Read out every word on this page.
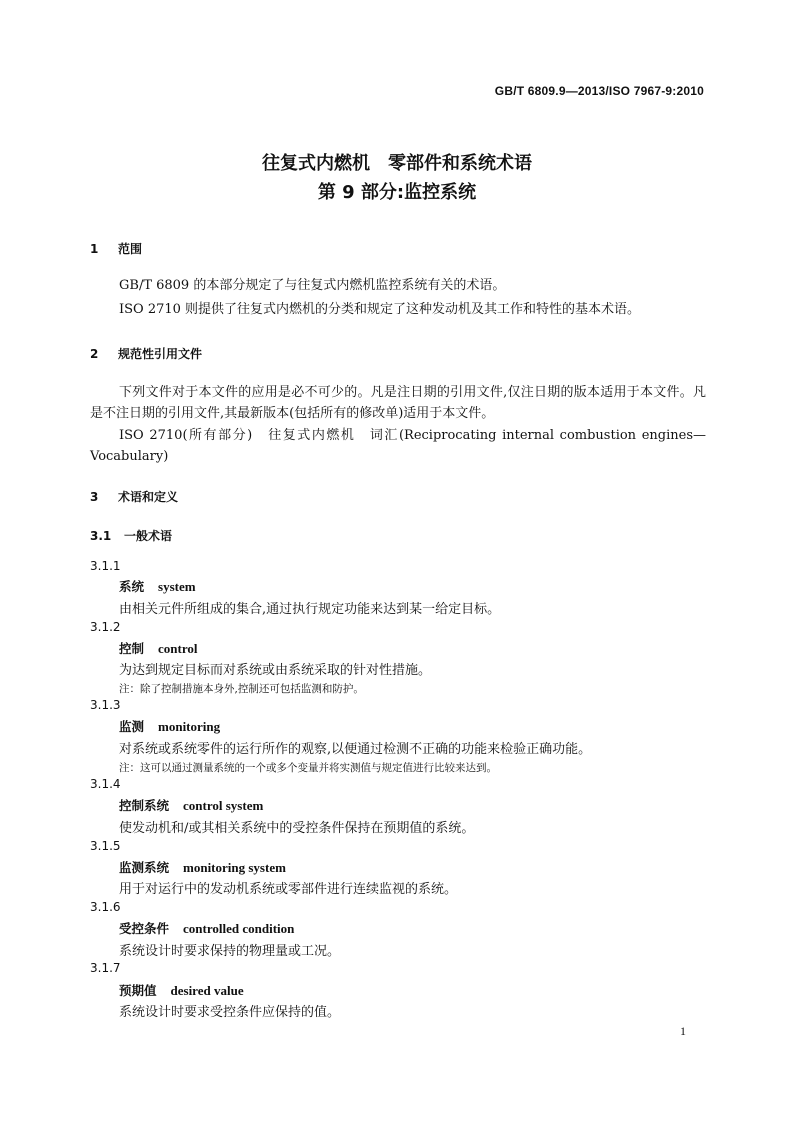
GB/T 6809.9—2013/ISO 7967-9:2010
往复式内燃机　零部件和系统术语
第 9 部分:监控系统
1 范围
GB/T 6809 的本部分规定了与往复式内燃机监控系统有关的术语。
ISO 2710 则提供了往复式内燃机的分类和规定了这种发动机及其工作和特性的基本术语。
2 规范性引用文件
下列文件对于本文件的应用是必不可少的。凡是注日期的引用文件,仅注日期的版本适用于本文件。凡是不注日期的引用文件,其最新版本(包括所有的修改单)适用于本文件。
ISO 2710(所有部分)　往复式内燃机　词汇(Reciprocating internal combustion engines—Vocabulary)
3 术语和定义
3.1 一般术语
3.1.1
系统 system
由相关元件所组成的集合,通过执行规定功能来达到某一给定目标。
3.1.2
控制 control
为达到规定目标而对系统或由系统采取的针对性措施。
注：除了控制措施本身外,控制还可包括监测和防护。
3.1.3
监测 monitoring
对系统或系统零件的运行所作的观察,以便通过检测不正确的功能来检验正确功能。
注：这可以通过测量系统的一个或多个变量并将实测值与规定值进行比较来达到。
3.1.4
控制系统 control system
使发动机和/或其相关系统中的受控条件保持在预期值的系统。
3.1.5
监测系统 monitoring system
用于对运行中的发动机系统或零部件进行连续监视的系统。
3.1.6
受控条件 controlled condition
系统设计时要求保持的物理量或工况。
3.1.7
预期值 desired value
系统设计时要求受控条件应保持的值。
1
